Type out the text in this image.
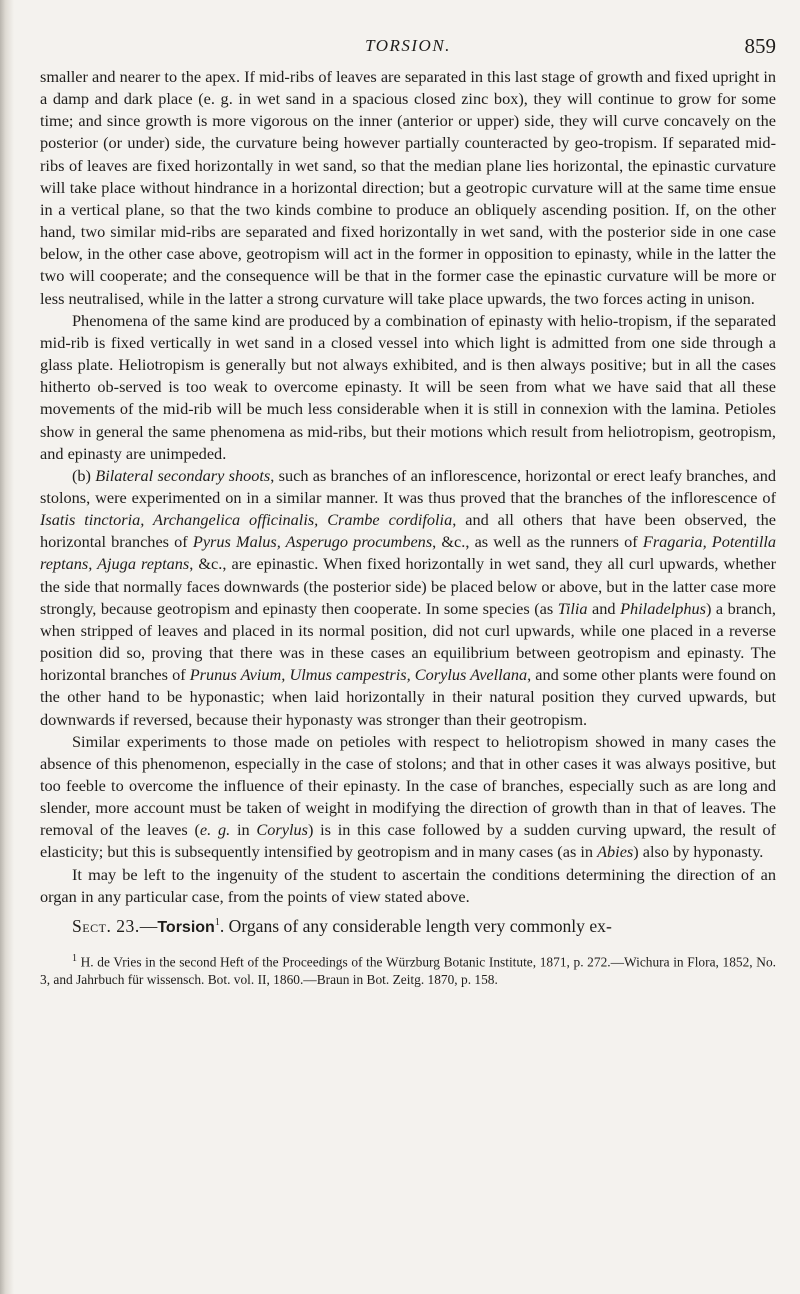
TORSION.	859

smaller and nearer to the apex. If mid-ribs of leaves are separated in this last stage of growth and fixed upright in a damp and dark place (e. g. in wet sand in a spacious closed zinc box), they will continue to grow for some time; and since growth is more vigorous on the inner (anterior or upper) side, they will curve concavely on the posterior (or under) side, the curvature being however partially counteracted by geo-tropism. If separated mid-ribs of leaves are fixed horizontally in wet sand, so that the median plane lies horizontal, the epinastic curvature will take place without hindrance in a horizontal direction; but a geotropic curvature will at the same time ensue in a vertical plane, so that the two kinds combine to produce an obliquely ascending position. If, on the other hand, two similar mid-ribs are separated and fixed horizontally in wet sand, with the posterior side in one case below, in the other case above, geotropism will act in the former in opposition to epinasty, while in the latter the two will cooperate; and the consequence will be that in the former case the epinastic curvature will be more or less neutralised, while in the latter a strong curvature will take place upwards, the two forces acting in unison.

Phenomena of the same kind are produced by a combination of epinasty with helio-tropism, if the separated mid-rib is fixed vertically in wet sand in a closed vessel into which light is admitted from one side through a glass plate. Heliotropism is generally but not always exhibited, and is then always positive; but in all the cases hitherto ob-served is too weak to overcome epinasty. It will be seen from what we have said that all these movements of the mid-rib will be much less considerable when it is still in connexion with the lamina. Petioles show in general the same phenomena as mid-ribs, but their motions which result from heliotropism, geotropism, and epinasty are unimpeded.

(b) Bilateral secondary shoots, such as branches of an inflorescence, horizontal or erect leafy branches, and stolons, were experimented on in a similar manner. It was thus proved that the branches of the inflorescence of Isatis tinctoria, Archangelica officinalis, Crambe cordifolia, and all others that have been observed, the horizontal branches of Pyrus Malus, Asperugo procumbens, &c., as well as the runners of Fragaria, Potentilla reptans, Ajuga reptans, &c., are epinastic. When fixed horizontally in wet sand, they all curl upwards, whether the side that normally faces downwards (the posterior side) be placed below or above, but in the latter case more strongly, because geotropism and epinasty then cooperate. In some species (as Tilia and Philadelphus) a branch, when stripped of leaves and placed in its normal position, did not curl upwards, while one placed in a reverse position did so, proving that there was in these cases an equilibrium between geotropism and epinasty. The horizontal branches of Prunus Avium, Ulmus campestris, Corylus Avellana, and some other plants were found on the other hand to be hyponastic; when laid horizontally in their natural position they curved upwards, but downwards if reversed, because their hyponasty was stronger than their geotropism.

Similar experiments to those made on petioles with respect to heliotropism showed in many cases the absence of this phenomenon, especially in the case of stolons; and that in other cases it was always positive, but too feeble to overcome the influence of their epinasty. In the case of branches, especially such as are long and slender, more account must be taken of weight in modifying the direction of growth than in that of leaves. The removal of the leaves (e. g. in Corylus) is in this case followed by a sudden curving upward, the result of elasticity; but this is subsequently intensified by geotropism and in many cases (as in Abies) also by hyponasty.

It may be left to the ingenuity of the student to ascertain the conditions determining the direction of an organ in any particular case, from the points of view stated above.

Sect. 23.—Torsion$^1$. Organs of any considerable length very commonly ex-

$^1$ H. de Vries in the second Heft of the Proceedings of the Würzburg Botanic Institute, 1871, p. 272.—Wichura in Flora, 1852, No. 3, and Jahrbuch für wissensch. Bot. vol. II, 1860.—Braun in Bot. Zeitg. 1870, p. 158.
